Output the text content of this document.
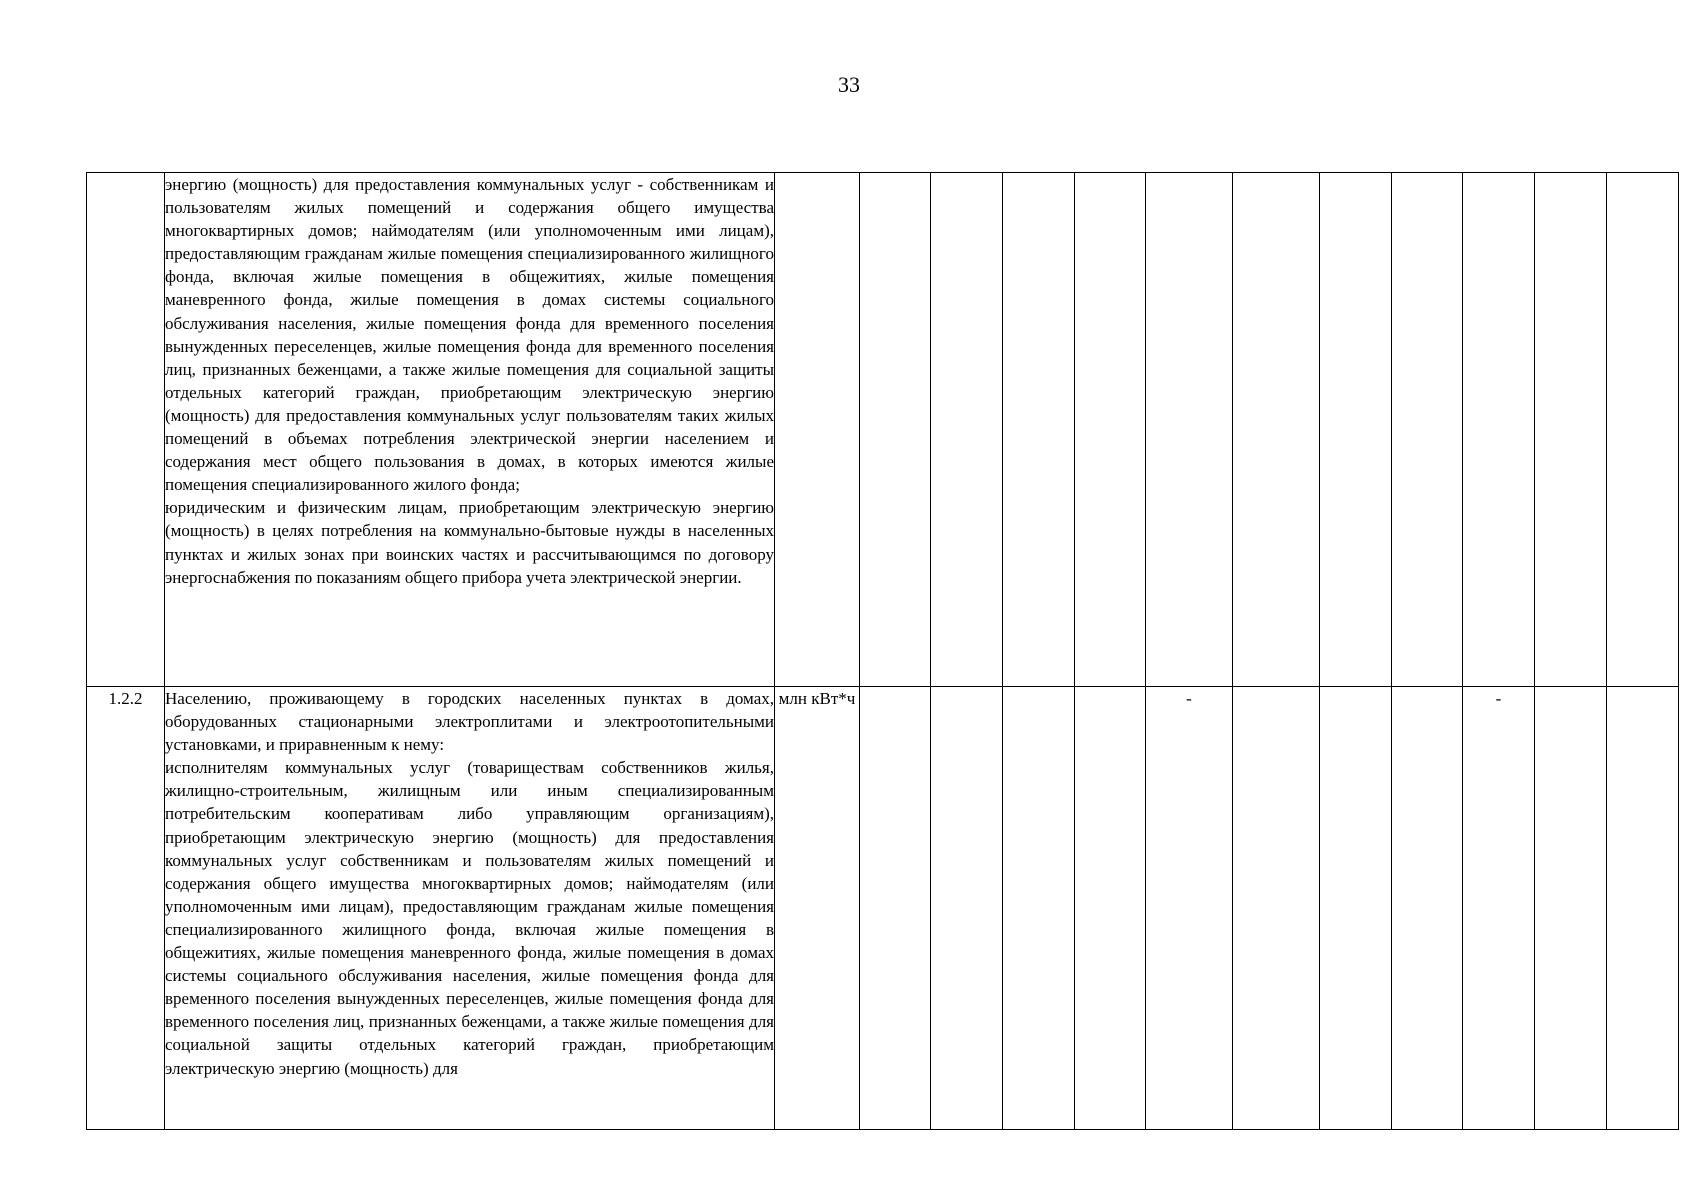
33

	энергию (мощность) для предоставления коммунальных услуг - собственникам и пользователям жилых помещений и содержания общего имущества многоквартирных домов; наймодателям (или уполномоченным ими лицам), предоставляющим гражданам жилые помещения специализированного жилищного фонда, включая жилые помещения в общежитиях, жилые помещения маневренного фонда, жилые помещения в домах системы социального обслуживания населения, жилые помещения фонда для временного поселения вынужденных переселенцев, жилые помещения фонда для временного поселения лиц, признанных беженцами, а также жилые помещения для социальной защиты отдельных категорий граждан, приобретающим электрическую энергию (мощность) для предоставления коммунальных услуг пользователям таких жилых помещений в объемах потребления электрической энергии населением и содержания мест общего пользования в домах, в которых имеются жилые помещения специализированного жилого фонда;

юридическим и физическим лицам, приобретающим электрическую энергию (мощность) в целях потребления на коммунально-бытовые нужды в населенных пунктах и жилых зонах при воинских частях и рассчитывающимся по договору энергоснабжения по показаниям общего прибора учета электрической энергии.												

1.2.2	Населению, проживающему в городских населенных пунктах в домах, оборудованных стационарными электроплитами и электроотопительными установками, и приравненным к нему:

исполнителям коммунальных услуг (товариществам собственников жилья, жилищно-строительным, жилищным или иным специализированным потребительским кооперативам либо управляющим организациям), приобретающим электрическую энергию (мощность) для предоставления коммунальных услуг собственникам и пользователям жилых помещений и содержания общего имущества многоквартирных домов; наймодателям (или уполномоченным ими лицам), предоставляющим гражданам жилые помещения специализированного жилищного фонда, включая жилые помещения в общежитиях, жилые помещения маневренного фонда, жилые помещения в домах системы социального обслуживания населения, жилые помещения фонда для временного поселения вынужденных переселенцев, жилые помещения фонда для временного поселения лиц, признанных беженцами, а также жилые помещения для социальной защиты отдельных категорий граждан, приобретающим электрическую энергию (мощность) для	млн кВт*ч					-				-		
